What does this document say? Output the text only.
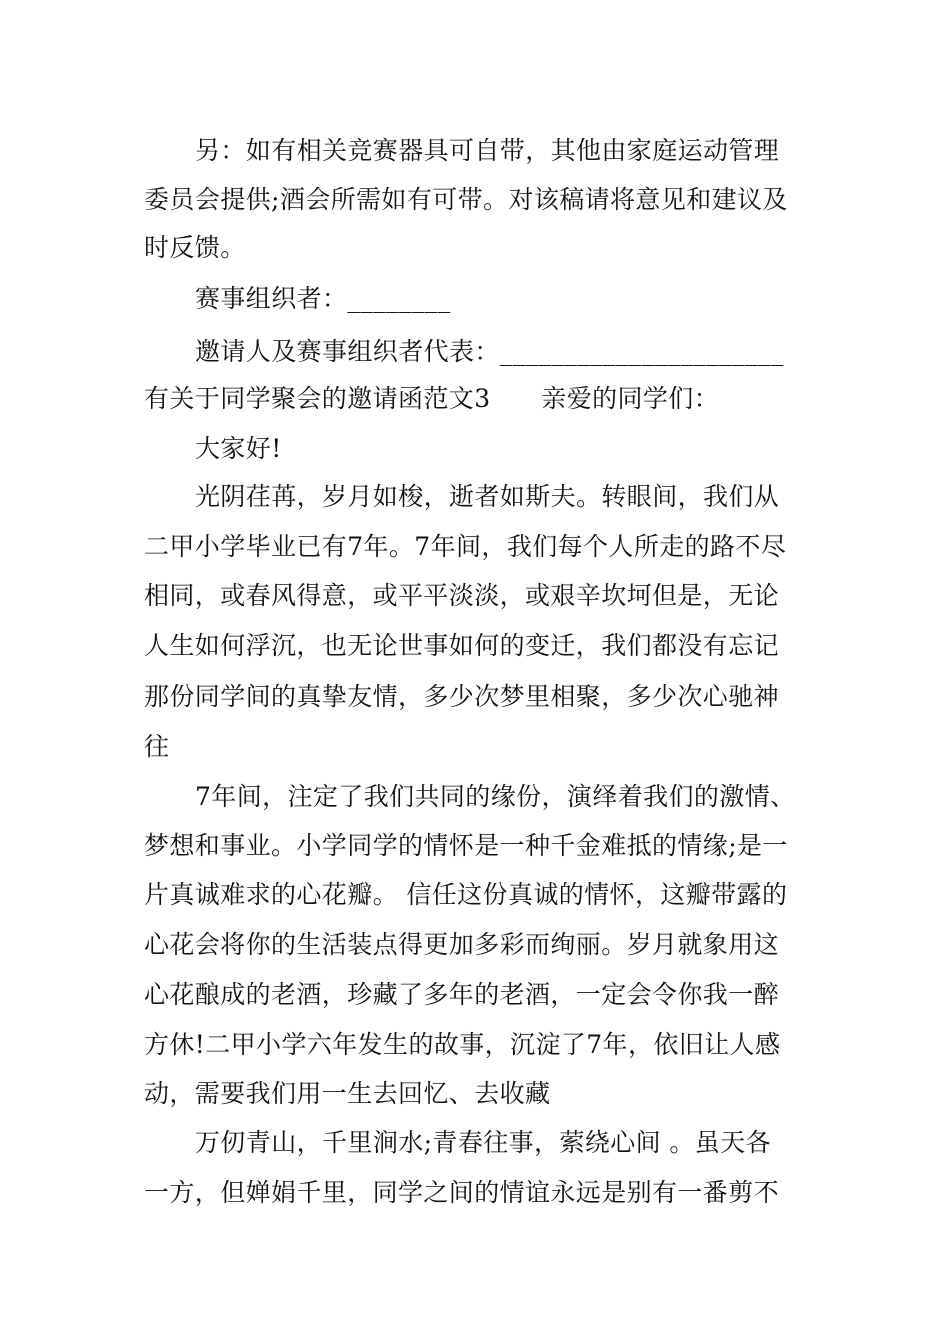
另：如有相关竞赛器具可自带，其他由家庭运动管理
委员会提供;酒会所需如有可带。对该稿请将意见和建议及
时反馈。
赛事组织者：________
邀请人及赛事组织者代表：______________________
有关于同学聚会的邀请函范文3　　亲爱的同学们：
大家好!
光阴荏苒，岁月如梭，逝者如斯夫。转眼间，我们从
二甲小学毕业已有7年。7年间，我们每个人所走的路不尽
相同，或春风得意，或平平淡淡，或艰辛坎坷但是，无论
人生如何浮沉，也无论世事如何的变迁，我们都没有忘记
那份同学间的真挚友情，多少次梦里相聚，多少次心驰神
往
7年间，注定了我们共同的缘份，演绎着我们的激情、
梦想和事业。小学同学的情怀是一种千金难抵的情缘;是一
片真诚难求的心花瓣。 信任这份真诚的情怀，这瓣带露的
心花会将你的生活装点得更加多彩而绚丽。岁月就象用这
心花酿成的老酒，珍藏了多年的老酒，一定会令你我一醉
方休!二甲小学六年发生的故事，沉淀了7年，依旧让人感
动，需要我们用一生去回忆、去收藏
万仞青山，千里涧水;青春往事，萦绕心间 。虽天各
一方，但婵娟千里，同学之间的情谊永远是别有一番剪不
